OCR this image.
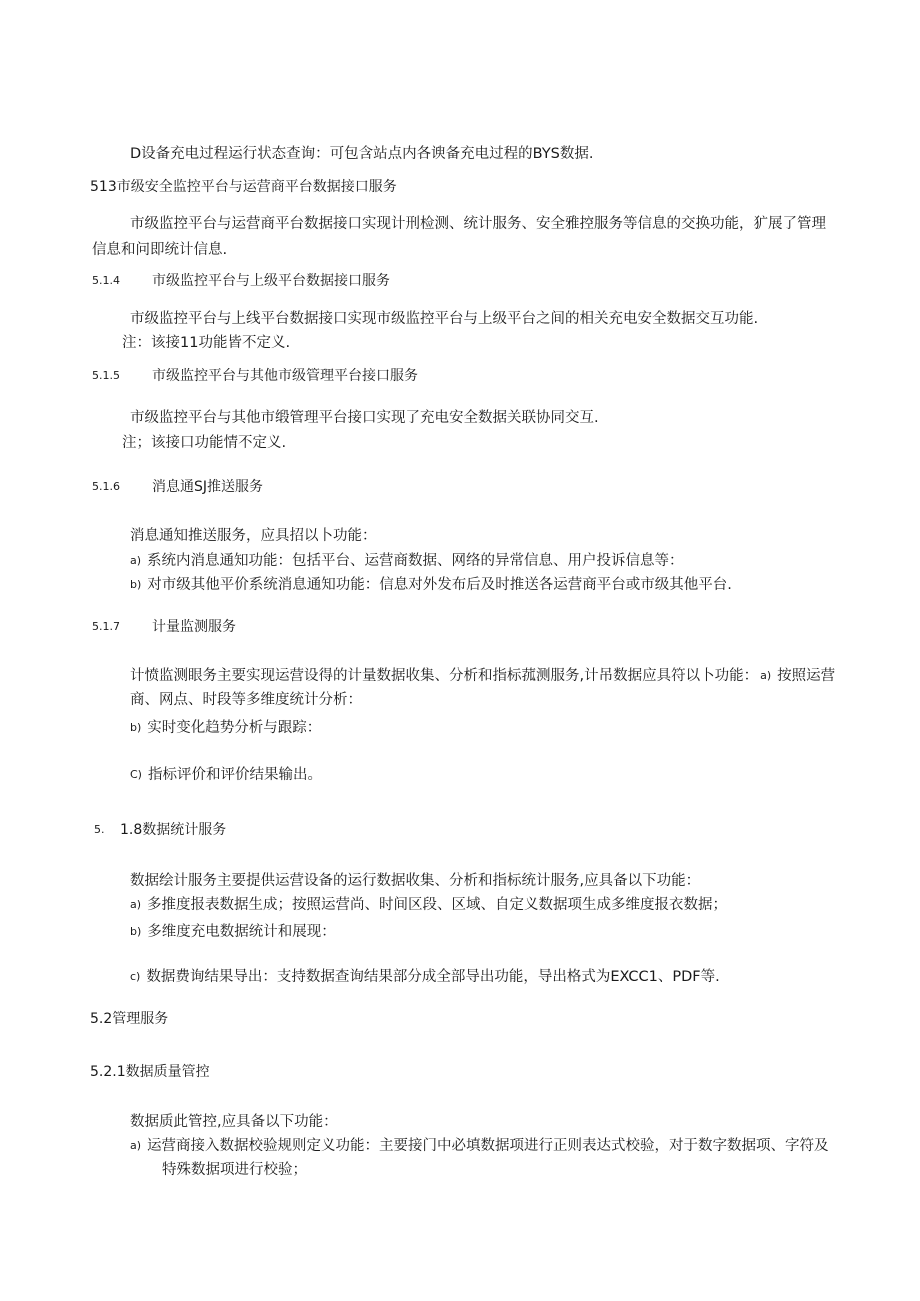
D设备充电过程运行状态查询：可包含站点内各谀备充电过程的BYS数据.
513市级安全监控平台与运营商平台数据接口服务
市级监控平台与运营商平台数据接口实现计刑检测、统计服务、安全雅控服务等信息的交换功能，犷展了管理
信息和问即统计信息.
5.1.4 市级监控平台与上级平台数据接口服务
市级监控平台与上线平台数据接口实现市级监控平台与上级平台之间的相关充电安全数据交互功能.
注：该接11功能皆不定义.
5.1.5 市级监控平台与其他市级管理平台接口服务
市级监控平台与其他市缎管理平台接口实现了充电安全数据关联协同交互.
注；该接口功能情不定义.
5.1.6 消息通SJ推送服务
消息通知推送服务，应具招以卜功能：
a) 系统内消息通知功能：包括平台、运营商数据、网络的异常信息、用户投诉信息等：
b) 对市级其他平价系统消息通知功能：信息对外发布后及时推送各运营商平台或市级其他平台.
5.1.7 计量监测服务
计愤监测眼务主要实现运营设得的计量数据收集、分析和指标菰测服务,计吊数据应具符以卜功能： a) 按照运营
商、网点、时段等多维度统计分析：
b) 实时变化趋势分析与跟踪：
C) 指标评价和评价结果输出。
5. 1.8数据统计服务
数据绘计服务主要提供运营设备的运行数据收集、分析和指标统计服务,应具备以下功能：
a) 多推度报表数据生成；按照运营尚、时间区段、区域、自定义数据项生成多维度报衣数据；
b) 多维度充电数据统计和展现：
c) 数据费询结果导出：支持数据查询结果部分成全部导出功能，导出格式为EXCC1、PDF等.
5.2管理服务
5.2.1数据质量管控
数据质此管控,应具备以下功能：
a) 运营商接入数据校验规则定义功能：主要接门中必填数据项进行正则表达式校验，对于数字数据项、字符及
特殊数据项进行校验；
